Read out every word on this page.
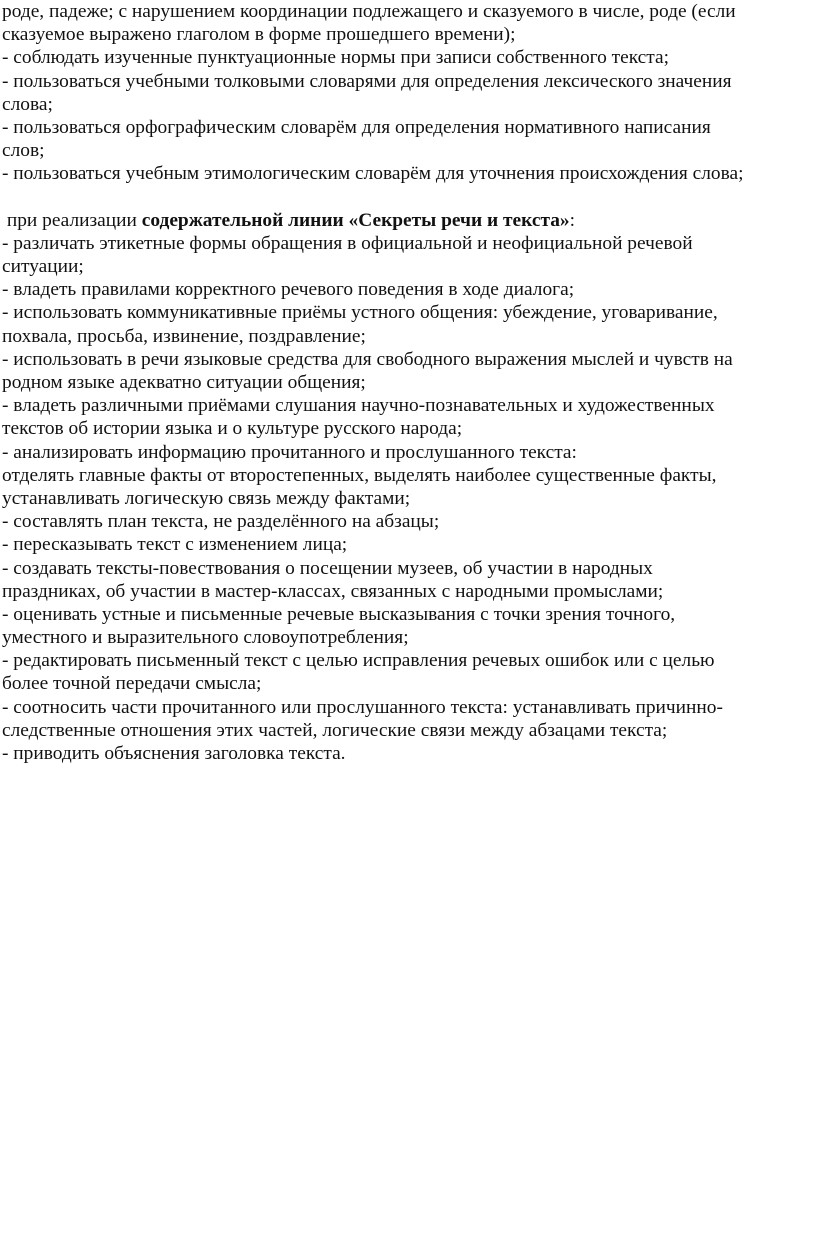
роде, падеже; с нарушением координации подлежащего и сказуемого в числе, роде (если
сказуемое выражено глаголом в форме прошедшего времени);
- соблюдать изученные пунктуационные нормы при записи собственного текста;
- пользоваться учебными толковыми словарями для определения лексического значения
слова;
- пользоваться орфографическим словарём для определения нормативного написания
слов;
- пользоваться учебным этимологическим словарём для уточнения происхождения слова;
при реализации содержательной линии «Секреты речи и текста»:
- различать этикетные формы обращения в официальной и неофициальной речевой
ситуации;
- владеть правилами корректного речевого поведения в ходе диалога;
- использовать коммуникативные приёмы устного общения: убеждение, уговаривание,
похвала, просьба, извинение, поздравление;
- использовать в речи языковые средства для свободного выражения мыслей и чувств на
родном языке адекватно ситуации общения;
- владеть различными приёмами слушания научно-познавательных и художественных
текстов об истории языка и о культуре русского народа;
- анализировать информацию прочитанного и прослушанного текста:
отделять главные факты от второстепенных, выделять наиболее существенные факты,
устанавливать логическую связь между фактами;
- составлять план текста, не разделённого на абзацы;
- пересказывать текст с изменением лица;
- создавать тексты-повествования о посещении музеев, об участии в народных
праздниках, об участии в мастер-классах, связанных с народными промыслами;
- оценивать устные и письменные речевые высказывания с точки зрения точного,
уместного и выразительного словоупотребления;
- редактировать письменный текст с целью исправления речевых ошибок или с целью
более точной передачи смысла;
- соотносить части прочитанного или прослушанного текста: устанавливать причинно-
следственные отношения этих частей, логические связи между абзацами текста;
- приводить объяснения заголовка текста.
